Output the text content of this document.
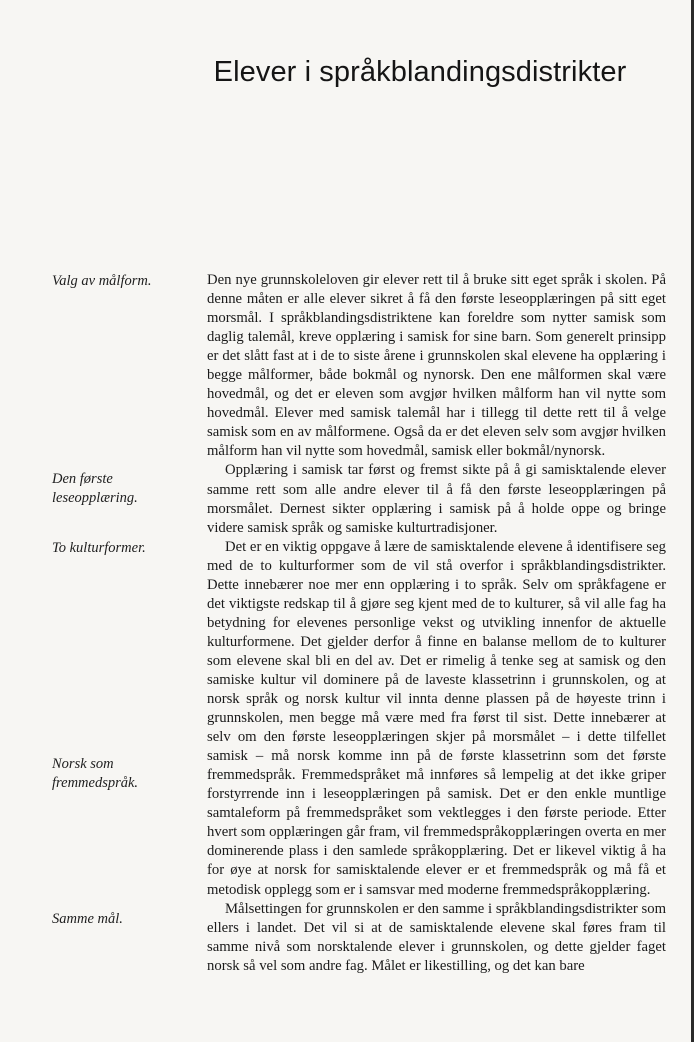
Elever i språkblandingsdistrikter
Valg av målform.
Den første leseopplæring.
To kulturformer.
Norsk som fremmedspråk.
Samme mål.

Den nye grunnskoleloven gir elever rett til å bruke sitt eget språk i skolen. På denne måten er alle elever sikret å få den første leseopplæringen på sitt eget morsmål. I språkblandingsdistriktene kan foreldre som nytter samisk som daglig talemål, kreve opplæring i samisk for sine barn. Som generelt prinsipp er det slått fast at i de to siste årene i grunnskolen skal elevene ha opplæring i begge målformer, både bokmål og nynorsk. Den ene målformen skal være hovedmål, og det er eleven som avgjør hvilken målform han vil nytte som hovedmål. Elever med samisk talemål har i tillegg til dette rett til å velge samisk som en av målformene. Også da er det eleven selv som avgjør hvilken målform han vil nytte som hovedmål, samisk eller bokmål/nynorsk.

Opplæring i samisk tar først og fremst sikte på å gi samisktalende elever samme rett som alle andre elever til å få den første leseopplæringen på morsmålet. Dernest sikter opplæring i samisk på å holde oppe og bringe videre samisk språk og samiske kulturtradisjoner.

Det er en viktig oppgave å lære de samisktalende elevene å identifisere seg med de to kulturformer som de vil stå overfor i språkblandingsdistrikter. Dette innebærer noe mer enn opplæring i to språk. Selv om språkfagene er det viktigste redskap til å gjøre seg kjent med de to kulturer, så vil alle fag ha betydning for elevenes personlige vekst og utvikling innenfor de aktuelle kulturformene. Det gjelder derfor å finne en balanse mellom de to kulturer som elevene skal bli en del av. Det er rimelig å tenke seg at samisk og den samiske kultur vil dominere på de laveste klassetrinn i grunnskolen, og at norsk språk og norsk kultur vil innta denne plassen på de høyeste trinn i grunnskolen, men begge må være med fra først til sist. Dette innebærer at selv om den første leseopplæringen skjer på morsmålet – i dette tilfellet samisk – må norsk komme inn på de første klassetrinn som det første fremmedspråk. Fremmedspråket må innføres så lempelig at det ikke griper forstyrrende inn i leseopplæringen på samisk. Det er den enkle muntlige samtaleform på fremmedspråket som vektlegges i den første periode. Etter hvert som opplæringen går fram, vil fremmedspråkopplæringen overta en mer dominerende plass i den samlede språkopplæring. Det er likevel viktig å ha for øye at norsk for samisktalende elever er et fremmedspråk og må få et metodisk opplegg som er i samsvar med moderne fremmedspråkopplæring.

Målsettingen for grunnskolen er den samme i språkblandingsdistrikter som ellers i landet. Det vil si at de samisktalende elevene skal føres fram til samme nivå som norsktalende elever i grunnskolen, og dette gjelder faget norsk så vel som andre fag. Målet er likestilling, og det kan bare
